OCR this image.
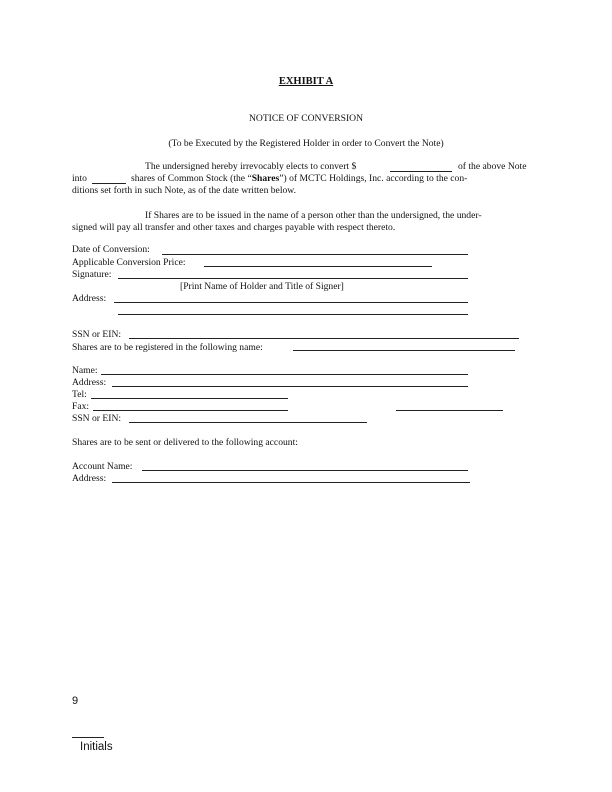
EXHIBIT A
NOTICE OF CONVERSION
(To be Executed by the Registered Holder in order to Convert the Note)
The undersigned hereby irrevocably elects to convert $	of the above Note
into	shares of Common Stock (the “Shares”) of MCTC Holdings, Inc. according to the con-
ditions set forth in such Note, as of the date written below.
If Shares are to be issued in the name of a person other than the undersigned, the under-
signed will pay all transfer and other taxes and charges payable with respect thereto.
Date of Conversion:
Applicable Conversion Price:
Signature:
[Print Name of Holder and Title of Signer]
Address:
SSN or EIN:
Shares are to be registered in the following name:
Name:
Address:
Tel:
Fax:
SSN or EIN:
Shares are to be sent or delivered to the following account:
Account Name:
Address:
9
Initials
